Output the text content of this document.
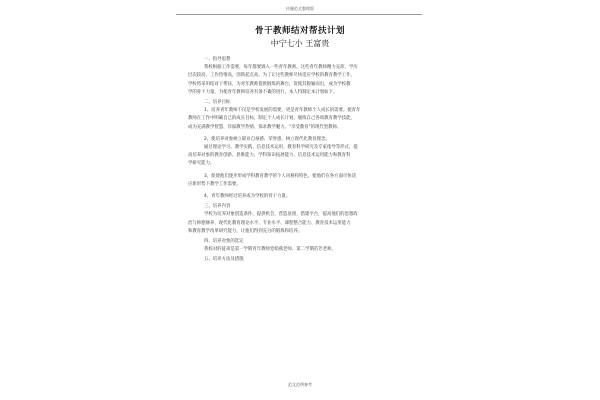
传播范式整理版
骨干教师结对帮扶计划
中宁七小 王富贵
一、指导思想
我校根据工作需要，每年都要调入一些青年教师。这些青年教师精力充沛、学历
层次较高、工作热情高，创新起点高、为了让这些教师尽快适应学校的教育教学工作，
学校将采用结对子帮扶，为青年教师提供锻炼的舞台，促使其脱颖而出，成为学校教
学的骨干力量，为使青年教师培养有条不紊的进行，本人特制定本计划如下。
二、培养目标
1、培养青年教师不仅是学校发展的需要，更是青年教师个人成长的需要。使青年
教师在工作中明确自己的成长目标，制定个人成长计划，履练自己各项教育教学技能，
成为充满教学智慧、洋溢教学热情、探求教学魅力、"享受教育"的现代型教师。
2、使培养对象树立职业自豪感、荣誉感，树立现代化教育理念。
通过理论学习、教学实践、信息技术运用、教育科学研究及专家指导等形式，提
高培养对象的教育创新、思维能力、学科知识拓展能力、信息技术运用能力和教育科
学研究能力。
3、促使他们逐步形成学科教育教学的个人风格和特色，使他们在各方面尽快适
应新形势下教学工作需要。
4、青年教师经过培养成为学校的骨干力量。
三、培养内容
学校为培养对象创造条件、提供机会、营造氛围，搭建平台，提高他们的思想政
治与师德修养、现代化教育理论水平、专业水平、课程整合能力、教育技术运用能力
和教育教学改革研究能力，让他们得到充分的锻炼和培养。
四、培养对象的选定
我校对的徒弟是第一学期青年教师党娟燕老师、第二学期苗芳老师。
五、培养方法及措施
范文范例参考
